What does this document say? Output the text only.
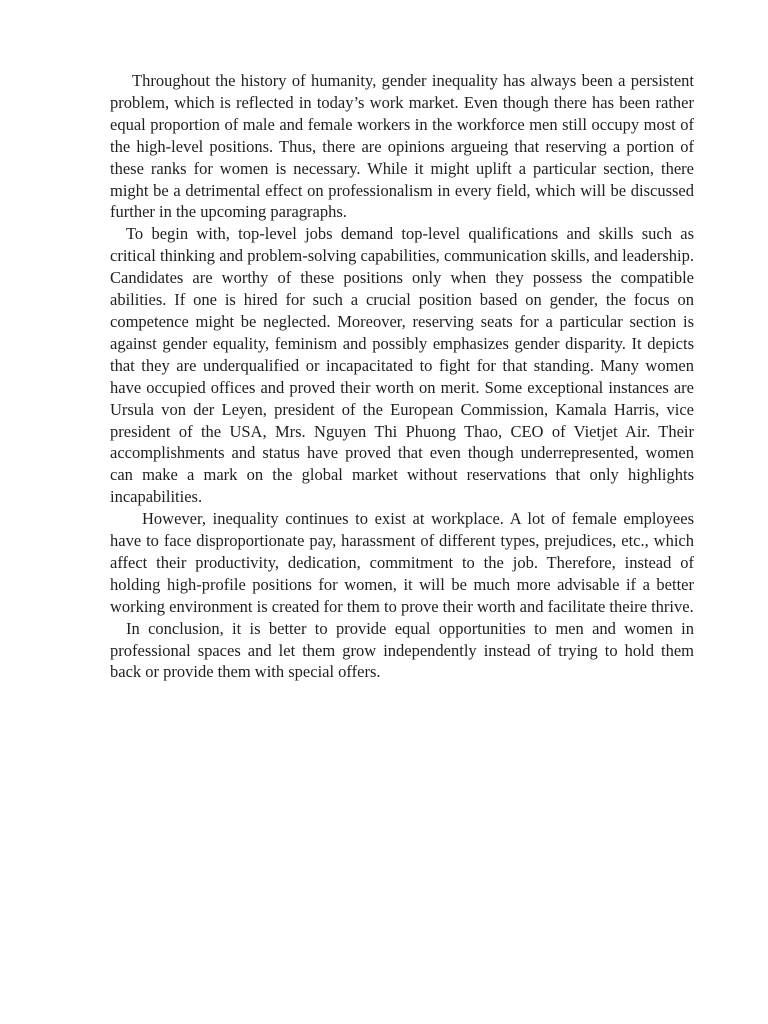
Throughout the history of humanity, gender inequality has always been a persistent problem, which is reflected in today’s work market. Even though there has been rather equal proportion of male and female workers in the workforce men still occupy most of the high-level positions. Thus, there are opinions argueing that reserving a portion of these ranks for women is necessary. While it might uplift a particular section, there might be a detrimental effect on professionalism in every field, which will be discussed further in the upcoming paragraphs.

To begin with, top-level jobs demand top-level qualifications and skills such as critical thinking and problem-solving capabilities, communication skills, and leadership. Candidates are worthy of these positions only when they possess the compatible abilities. If one is hired for such a crucial position based on gender, the focus on competence might be neglected. Moreover, reserving seats for a particular section is against gender equality, feminism and possibly emphasizes gender disparity. It depicts that they are underqualified or incapacitated to fight for that standing. Many women have occupied offices and proved their worth on merit. Some exceptional instances are Ursula von der Leyen, president of the European Commission, Kamala Harris, vice president of the USA, Mrs. Nguyen Thi Phuong Thao, CEO of Vietjet Air. Their accomplishments and status have proved that even though underrepresented, women can make a mark on the global market without reservations that only highlights incapabilities.

However, inequality continues to exist at workplace. A lot of female employees have to face disproportionate pay, harassment of different types, prejudices, etc., which affect their productivity, dedication, commitment to the job. Therefore, instead of holding high-profile positions for women, it will be much more advisable if a better working environment is created for them to prove their worth and facilitate theire thrive.

In conclusion, it is better to provide equal opportunities to men and women in professional spaces and let them grow independently instead of trying to hold them back or provide them with special offers.
